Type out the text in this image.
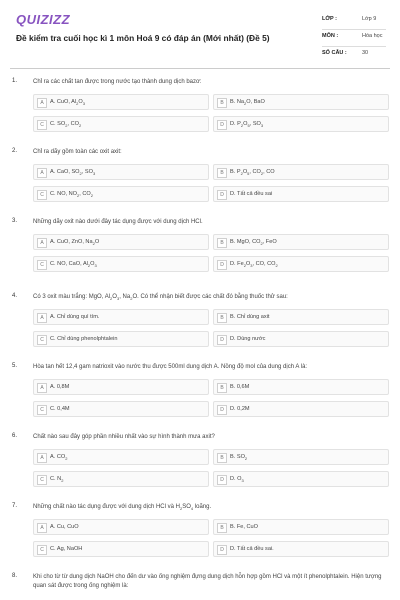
QUIZIZZ
Đề kiểm tra cuối học kì 1 môn Hoá 9 có đáp án (Mới nhất) (Đề 5)
LỚP :	Lớp 9
MÔN :	Hóa học
SỐ CÂU :	30
1.	Chỉ ra các chất tan được trong nước tạo thành dung dịch bazơ:
A	A. CuO, $Al_2O_3$	B	B. $Na_2O$, BaO
C	C. $SO_2$, $CO_2$	D	D. $P_2O_5$, $SO_3$
2.	Chỉ ra dãy gồm toàn các oxit axit:
A	A. CaO, $SO_2$, $SO_3$	B	B. $P_2O_5$, $CO_2$, CO
C	C. NO, $NO_2$, $CO_2$	D	D. Tất cả đều sai
3.	Những dãy oxit nào dưới đây tác dụng được với dung dịch HCl.
A	A. CuO, ZnO, $Na_2O$	B	B. MgO, $CO_2$, FeO
C	C. NO, CaO, $Al_2O_3$	D	D. $Fe_2O_3$, CO, $CO_2$
4.	Có 3 oxit màu trắng: MgO, $Al_2O_3$, $Na_2O$. Có thể nhận biết được các chất đó bằng thuốc thử sau:
A	A. Chỉ dùng quì tím.	B	B. Chỉ dùng axit
C	C. Chỉ dùng phenolphtalein	D	D. Dùng nước
5.	Hòa tan hết 12,4 gam natrioxit vào nước thu được 500ml dung dịch A. Nồng độ mol của dung dịch A là:
A	A. 0,8M	B	B. 0,6M
C	C. 0,4M	D	D. 0,2M
6.	Chất nào sau đây góp phần nhiều nhất vào sự hình thành mưa axit?
A	A. $CO_2$	B	B. $SO_2$
C	C. $N_2$	D	D. $O_3$
7.	Những chất nào tác dụng được với dung dịch HCl và $H_2SO_4$ loãng.
A	A. Cu, CuO	B	B. Fe, CuO
C	C. Ag, NaOH	D	D. Tất cả đều sai.
8.	Khi cho từ từ dung dịch NaOH cho đến dư vào ống nghiệm đựng dung dịch hỗn hợp gồm HCl và một ít phenolphtalein. Hiện tượng quan sát được trong ống nghiệm là:
